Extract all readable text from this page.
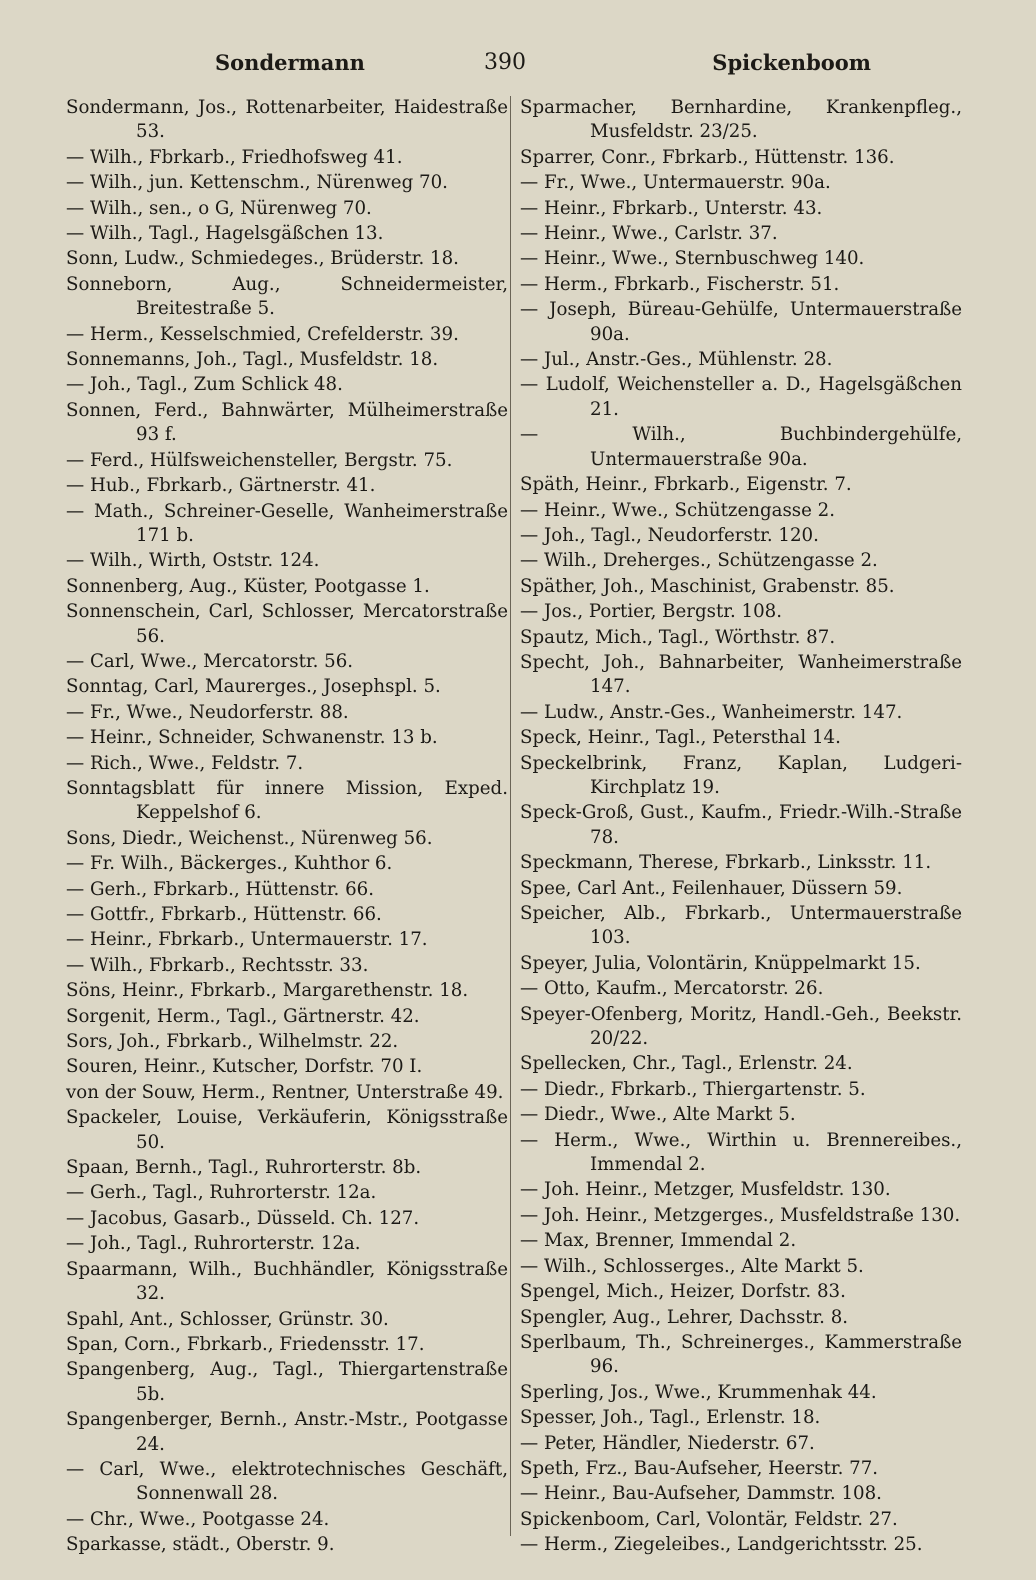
Sondermann	390	Spickenboom
Sondermann, Jos., Rottenarbeiter, Haidestraße 53.
— Wilh., Fbrkarb., Friedhofsweg 41.
— Wilh., jun. Kettenschm., Nürenweg 70.
— Wilh., sen., o G, Nürenweg 70.
— Wilh., Tagl., Hagelsgäßchen 13.
Sonn, Ludw., Schmiedeges., Brüderstr. 18.
Sonneborn, Aug., Schneidermeister, Breitestraße 5.
— Herm., Kesselschmied, Crefelderstr. 39.
Sonnemanns, Joh., Tagl., Musfeldstr. 18.
— Joh., Tagl., Zum Schlick 48.
Sonnen, Ferd., Bahnwärter, Mülheimerstraße 93 f.
— Ferd., Hülfsweichensteller, Bergstr. 75.
— Hub., Fbrkarb., Gärtnerstr. 41.
— Math., Schreiner-Geselle, Wanheimerstraße 171 b.
— Wilh., Wirth, Oststr. 124.
Sonnenberg, Aug., Küster, Pootgasse 1.
Sonnenschein, Carl, Schlosser, Mercatorstraße 56.
— Carl, Wwe., Mercatorstr. 56.
Sonntag, Carl, Maurerges., Josephspl. 5.
— Fr., Wwe., Neudorferstr. 88.
— Heinr., Schneider, Schwanenstr. 13 b.
— Rich., Wwe., Feldstr. 7.
Sonntagsblatt für innere Mission, Exped. Keppelshof 6.
Sons, Diedr., Weichenst., Nürenweg 56.
— Fr. Wilh., Bäckerges., Kuhthor 6.
— Gerh., Fbrkarb., Hüttenstr. 66.
— Gottfr., Fbrkarb., Hüttenstr. 66.
— Heinr., Fbrkarb., Untermauerstr. 17.
— Wilh., Fbrkarb., Rechtsstr. 33.
Söns, Heinr., Fbrkarb., Margarethenstr. 18.
Sorgenit, Herm., Tagl., Gärtnerstr. 42.
Sors, Joh., Fbrkarb., Wilhelmstr. 22.
Souren, Heinr., Kutscher, Dorfstr. 70 I.
von der Souw, Herm., Rentner, Unterstraße 49.
Spackeler, Louise, Verkäuferin, Königsstraße 50.
Spaan, Bernh., Tagl., Ruhrorterstr. 8b.
— Gerh., Tagl., Ruhrorterstr. 12a.
— Jacobus, Gasarb., Düsseld. Ch. 127.
— Joh., Tagl., Ruhrorterstr. 12a.
Spaarmann, Wilh., Buchhändler, Königsstraße 32.
Spahl, Ant., Schlosser, Grünstr. 30.
Span, Corn., Fbrkarb., Friedensstr. 17.
Spangenberg, Aug., Tagl., Thiergartenstraße 5b.
Spangenberger, Bernh., Anstr.-Mstr., Pootgasse 24.
— Carl, Wwe., elektrotechnisches Geschäft, Sonnenwall 28.
— Chr., Wwe., Pootgasse 24.
Sparkasse, städt., Oberstr. 9.
Sparmacher, Bernhardine, Krankenpfleg., Musfeldstr. 23/25.
Sparrer, Conr., Fbrkarb., Hüttenstr. 136.
— Fr., Wwe., Untermauerstr. 90a.
— Heinr., Fbrkarb., Unterstr. 43.
— Heinr., Wwe., Carlstr. 37.
— Heinr., Wwe., Sternbuschweg 140.
— Herm., Fbrkarb., Fischerstr. 51.
— Joseph, Büreau-Gehülfe, Untermauerstraße 90a.
— Jul., Anstr.-Ges., Mühlenstr. 28.
— Ludolf, Weichensteller a. D., Hagelsgäßchen 21.
— Wilh., Buchbindergehülfe, Untermauerstraße 90a.
Späth, Heinr., Fbrkarb., Eigenstr. 7.
— Heinr., Wwe., Schützengasse 2.
— Joh., Tagl., Neudorferstr. 120.
— Wilh., Dreherges., Schützengasse 2.
Späther, Joh., Maschinist, Grabenstr. 85.
— Jos., Portier, Bergstr. 108.
Spautz, Mich., Tagl., Wörthstr. 87.
Specht, Joh., Bahnarbeiter, Wanheimerstraße 147.
— Ludw., Anstr.-Ges., Wanheimerstr. 147.
Speck, Heinr., Tagl., Petersthal 14.
Speckelbrink, Franz, Kaplan, Ludgeri-Kirchplatz 19.
Speck-Groß, Gust., Kaufm., Friedr.-Wilh.-Straße 78.
Speckmann, Therese, Fbrkarb., Linksstr. 11.
Spee, Carl Ant., Feilenhauer, Düssern 59.
Speicher, Alb., Fbrkarb., Untermauerstraße 103.
Speyer, Julia, Volontärin, Knüppelmarkt 15.
— Otto, Kaufm., Mercatorstr. 26.
Speyer-Ofenberg, Moritz, Handl.-Geh., Beekstr. 20/22.
Spellecken, Chr., Tagl., Erlenstr. 24.
— Diedr., Fbrkarb., Thiergartenstr. 5.
— Diedr., Wwe., Alte Markt 5.
— Herm., Wwe., Wirthin u. Brennereibes., Immendal 2.
— Joh. Heinr., Metzger, Musfeldstr. 130.
— Joh. Heinr., Metzgerges., Musfeldstraße 130.
— Max, Brenner, Immendal 2.
— Wilh., Schlosserges., Alte Markt 5.
Spengel, Mich., Heizer, Dorfstr. 83.
Spengler, Aug., Lehrer, Dachsstr. 8.
Sperlbaum, Th., Schreinerges., Kammerstraße 96.
Sperling, Jos., Wwe., Krummenhak 44.
Spesser, Joh., Tagl., Erlenstr. 18.
— Peter, Händler, Niederstr. 67.
Speth, Frz., Bau-Aufseher, Heerstr. 77.
— Heinr., Bau-Aufseher, Dammstr. 108.
Spickenboom, Carl, Volontär, Feldstr. 27.
— Herm., Ziegeleibes., Landgerichtsstr. 25.
